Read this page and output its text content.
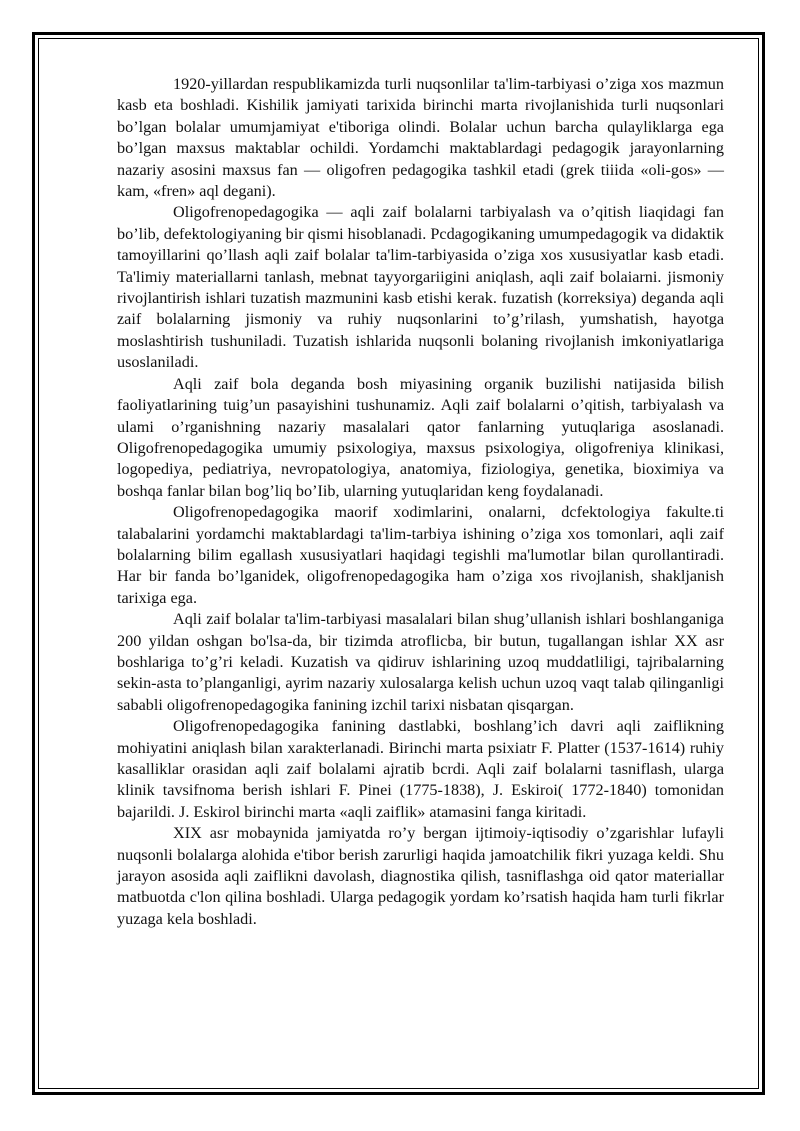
1920-yillardan respublikamizda turli nuqsonlilar ta'lim-tarbiyasi o’ziga xos mazmun kasb eta boshladi. Kishilik jamiyati tarixida birinchi marta rivojlanishida turli nuqsonlari bo’lgan bolalar umumjamiyat e'tiboriga olindi. Bolalar uchun barcha qulayliklarga ega bo’lgan maxsus maktablar ochildi. Yordamchi maktablardagi pedagogik jarayonlarning nazariy asosini maxsus fan — oligofren pedagogika tashkil etadi (grek tiiida «oli-gos» — kam, «fren» aql degani).

Oligofrenopedagogika — aqli zaif bolalarni tarbiyalash va o’qitish liaqidagi fan bo’lib, defektologiyaning bir qismi hisoblanadi. Pcdagogikaning umumpedagogik va didaktik tamoyillarini qo’llash aqli zaif bolalar ta'lim-tarbiyasida o’ziga xos xususiyatlar kasb etadi. Ta'limiy materiallarni tanlash, mebnat tayyorgariigini aniqlash, aqli zaif bolaiarni. jismoniy rivojlantirish ishlari tuzatish mazmunini kasb etishi kerak. fuzatish (korreksiya) deganda aqli zaif bolalarning jismoniy va ruhiy nuqsonlarini to’g’rilash, yumshatish, hayotga moslashtirish tushuniladi. Tuzatish ishlarida nuqsonli bolaning rivojlanish imkoniyatlariga usoslaniladi.

Aqli zaif bola deganda bosh miyasining organik buzilishi natijasida bilish faoliyatlarining tuig’un pasayishini tushunamiz. Aqli zaif bolalarni o’qitish, tarbiyalash va ulami o’rganishning nazariy masalalari qator fanlarning yutuqlariga asoslanadi. Oligofrenopedagogika umumiy psixologiya, maxsus psixologiya, oligofreniya klinikasi, logopediya, pediatriya, nevropatologiya, anatomiya, fiziologiya, genetika, bioximiya va boshqa fanlar bilan bog’liq bo’Iib, ularning yutuqlaridan keng foydalanadi.

Oligofrenopedagogika maorif xodimlarini, onalarni, dcfektologiya fakulte.ti talabalarini yordamchi maktablardagi ta'lim-tarbiya ishining o’ziga xos tomonlari, aqli zaif bolalarning bilim egallash xususiyatlari haqidagi tegishli ma'lumotlar bilan qurollantiradi. Har bir fanda bo’lganidek, oligofrenopedagogika ham o’ziga xos rivojlanish, shakljanish tarixiga ega.

Aqli zaif bolalar ta'lim-tarbiyasi masalalari bilan shug’ullanish ishlari boshlanganiga 200 yildan oshgan bo'lsa-da, bir tizimda atroflicba, bir butun, tugallangan ishlar XX asr boshlariga to’g’ri keladi. Kuzatish va qidiruv ishlarining uzoq muddatliligi, tajribalarning sekin-asta to’planganligi, ayrim nazariy xulosalarga kelish uchun uzoq vaqt talab qilinganligi sababli oligofrenopedagogika fanining izchil tarixi nisbatan qisqargan.

Oligofrenopedagogika fanining dastlabki, boshlang’ich davri aqli zaiflikning mohiyatini aniqlash bilan xarakterlanadi. Birinchi marta psixiatr F. Platter (1537-1614) ruhiy kasalliklar orasidan aqli zaif bolalami ajratib bcrdi. Aqli zaif bolalarni tasniflash, ularga klinik tavsifnoma berish ishlari F. Pinei (1775-1838), J. Eskiroi( 1772-1840) tomonidan bajarildi. J. Eskirol birinchi marta «aqli zaiflik» atamasini fanga kiritadi.

XIX asr mobaynida jamiyatda ro’y bergan ijtimoiy-iqtisodiy o’zgarishlar lufayli nuqsonli bolalarga alohida e'tibor berish zarurligi haqida jamoatchilik fikri yuzaga keldi. Shu jarayon asosida aqli zaiflikni davolash, diagnostika qilish, tasniflashga oid qator materiallar matbuotda c'lon qilina boshladi. Ularga pedagogik yordam ko’rsatish haqida ham turli fikrlar yuzaga kela boshladi.
